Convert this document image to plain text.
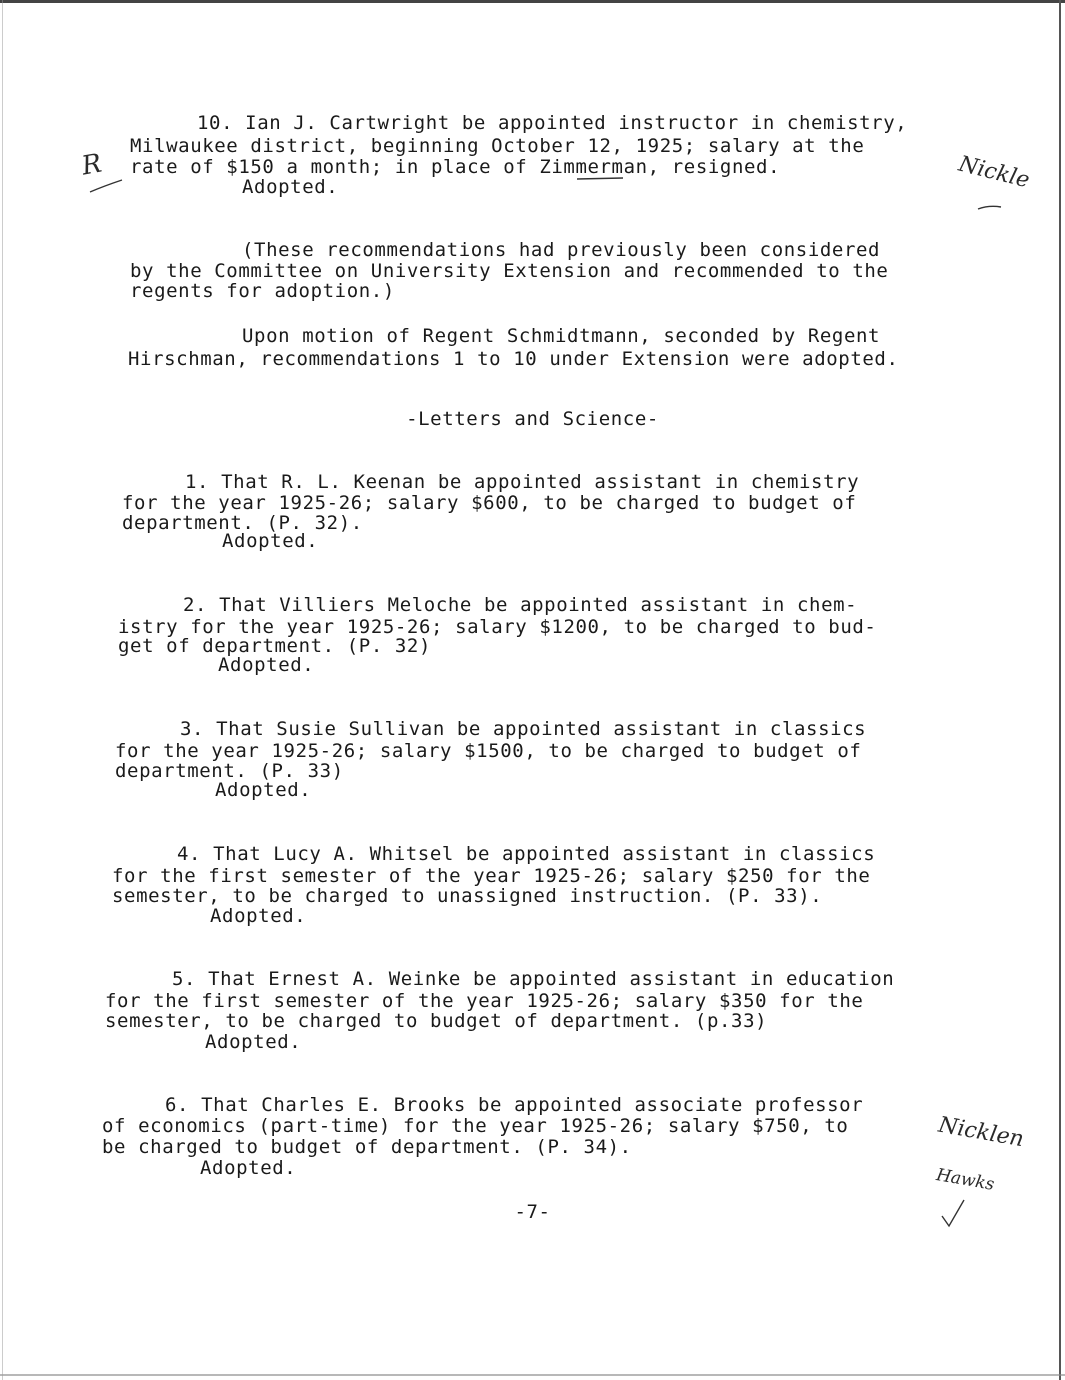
10. Ian J. Cartwright be appointed instructor in chemistry,
Milwaukee district, beginning October 12, 1925; salary at the
rate of $150 a month; in place of Zimmerman, resigned.
Adopted.
(These recommendations had previously been considered
by the Committee on University Extension and recommended to the
regents for adoption.)
Upon motion of Regent Schmidtmann, seconded by Regent
Hirschman, recommendations 1 to 10 under Extension were adopted.
-Letters and Science-
1. That R. L. Keenan be appointed assistant in chemistry
for the year 1925-26; salary $600, to be charged to budget of
department. (P. 32).
Adopted.
2. That Villiers Meloche be appointed assistant in chem-
istry for the year 1925-26; salary $1200, to be charged to bud-
get of department. (P. 32)
Adopted.
3. That Susie Sullivan be appointed assistant in classics
for the year 1925-26; salary $1500, to be charged to budget of
department. (P. 33)
Adopted.
4. That Lucy A. Whitsel be appointed assistant in classics
for the first semester of the year 1925-26; salary $250 for the
semester, to be charged to unassigned instruction. (P. 33).
Adopted.
5. That Ernest A. Weinke be appointed assistant in education
for the first semester of the year 1925-26; salary $350 for the
semester, to be charged to budget of department. (p.33)
Adopted.
6. That Charles E. Brooks be appointed associate professor
of economics (part-time) for the year 1925-26; salary $750, to
be charged to budget of department. (P. 34).
Adopted.
-7-
R	Nickle
Nicklen
Hawks
